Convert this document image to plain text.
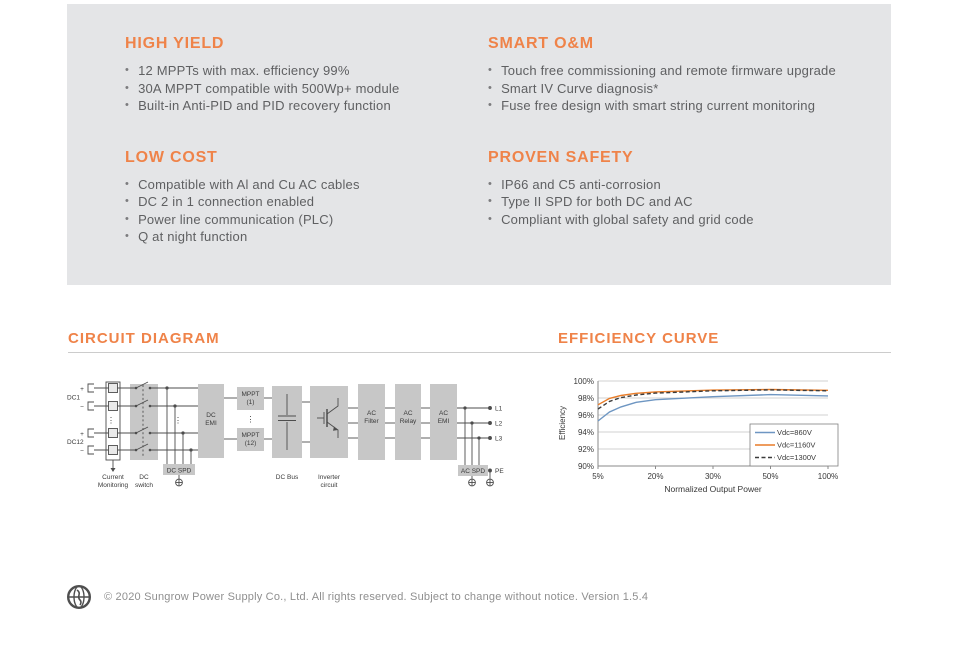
HIGH YIELD
• 12 MPPTs with max. efficiency 99%
• 30A MPPT compatible with 500Wp+ module
• Built-in Anti-PID and PID recovery function
SMART O&M
• Touch free commissioning and remote firmware upgrade
• Smart IV Curve diagnosis*
• Fuse free design with smart string current monitoring
LOW COST
• Compatible with Al and Cu AC cables
• DC 2 in 1 connection enabled
• Power line communication (PLC)
• Q at night function
PROVEN SAFETY
• IP66 and C5 anti-corrosion
• Type II SPD for both DC and AC
• Compliant with global safety and grid code
CIRCUIT DIAGRAM	EFFICIENCY CURVE
+
−
+
−
DC1
DC12
⋮	⋮	⋮
Current
Monitoring
DC
switch
DC SPD
DC
EMI
MPPT
(1)
MPPT
(12)
DC Bus	Inverter
circuit
AC
Filter
AC
Relay
AC
EMI
AC SPD
L1
L2
L3
PE
90%
92%
94%
96%
98%
100%
5%	20%	30%	50%	100%
Vdc=860V
Vdc=1160V
Vdc=1300V
Normalized Output Power
Efficiency
© 2020 Sungrow Power Supply Co., Ltd. All rights reserved. Subject to change without notice. Version 1.5.4
